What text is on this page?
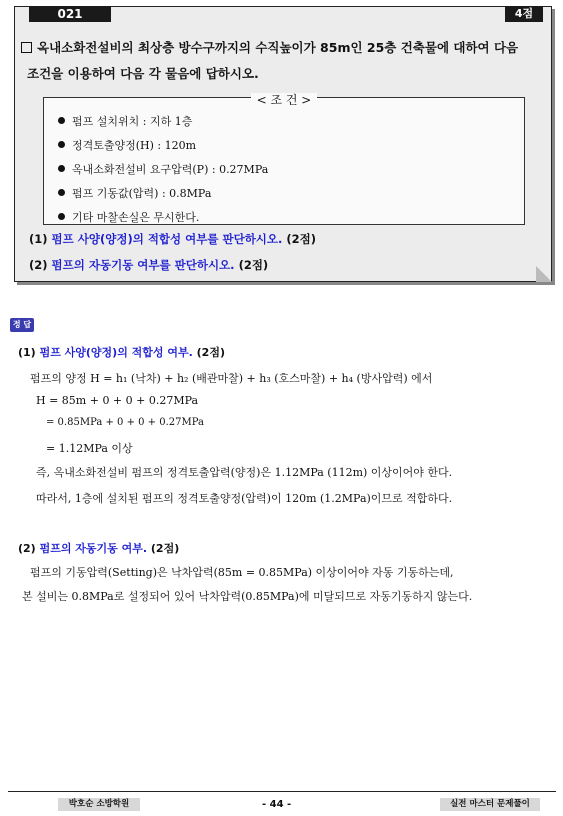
021	4점
옥내소화전설비의 최상층 방수구까지의 수직높이가 85m인 25층 건축물에 대하여 다음
조건을 이용하여 다음 각 물음에 답하시오.
< 조 건 >
펌프 설치위치 : 지하 1층
정격토출양정(H) : 120m
옥내소화전설비 요구압력(P) : 0.27MPa
펌프 기동값(압력) : 0.8MPa
기타 마찰손실은 무시한다.
(1) 펌프 사양(양정)의 적합성 여부를 판단하시오. (2점)
(2) 펌프의 자동기동 여부를 판단하시오. (2점)
정 답
(1) 펌프 사양(양정)의 적합성 여부. (2점)
펌프의 양정 H = h₁ (낙차) + h₂ (배관마찰) + h₃ (호스마찰) + h₄ (방사압력) 에서
H = 85m + 0 + 0 + 0.27MPa
= 0.85MPa + 0 + 0 + 0.27MPa
= 1.12MPa 이상
즉, 옥내소화전설비 펌프의 정격토출압력(양정)은 1.12MPa (112m) 이상이어야 한다.
따라서, 1층에 설치된 펌프의 정격토출양정(압력)이 120m (1.2MPa)이므로 적합하다.
(2) 펌프의 자동기동 여부. (2점)
펌프의 기동압력(Setting)은 낙차압력(85m = 0.85MPa) 이상이어야 자동 기동하는데,
본 설비는 0.8MPa로 설정되어 있어 낙차압력(0.85MPa)에 미달되므로 자동기동하지 않는다.
박호순 소방학원	- 44 -	실전 마스터 문제풀이
